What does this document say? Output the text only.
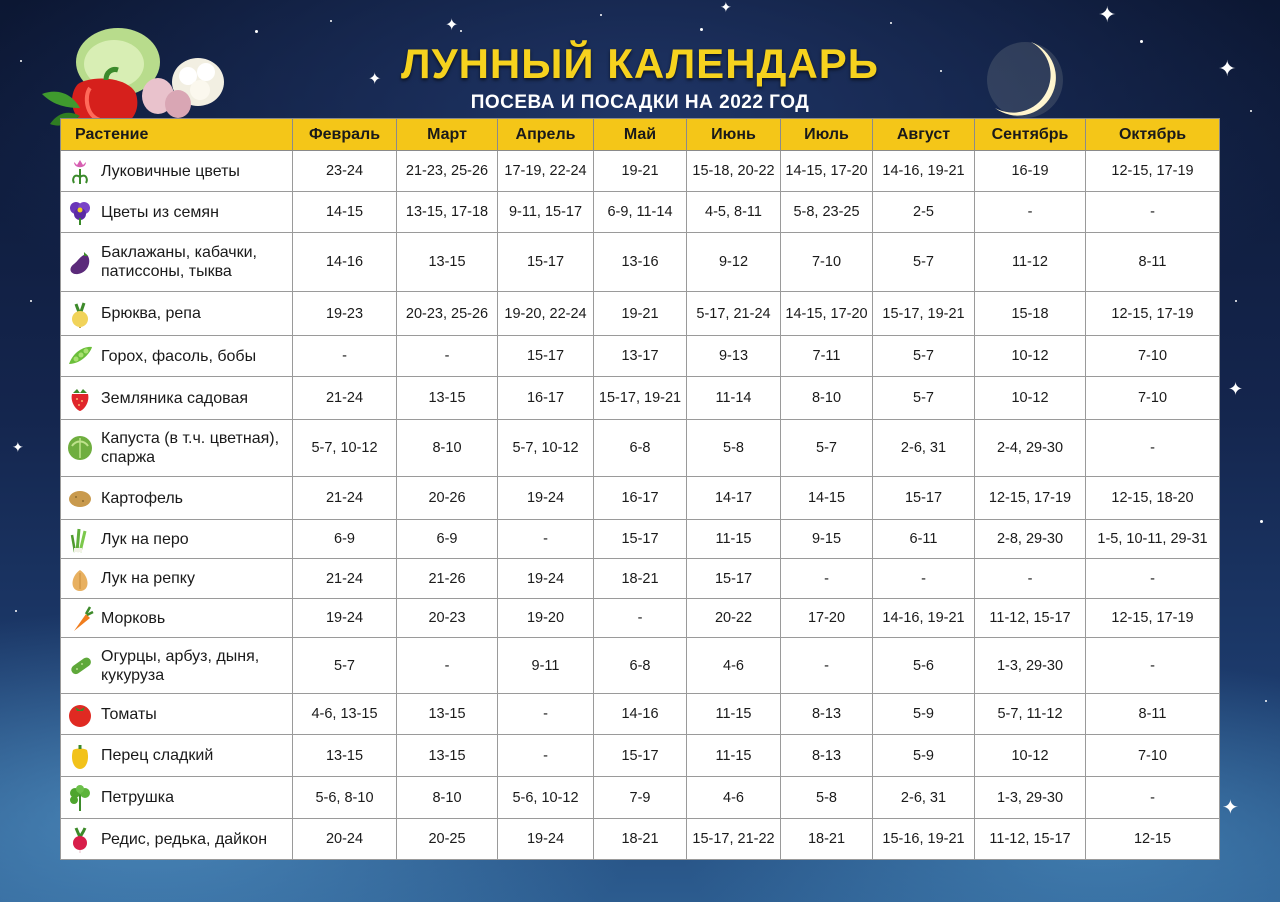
✦
✦
✦
✦
✦
✦
✦
✦
ЛУННЫЙ КАЛЕНДАРЬ
ПОСЕВА И ПОСАДКИ НА 2022 ГОД
Растение	Февраль	Март	Апрель	Май	Июнь	Июль	Август	Сентябрь	Октябрь

Луковичные цветы	23-24	21-23, 25-26	17-19, 22-24	19-21	15-18, 20-22	14-15, 17-20	14-16, 19-21	16-19	12-15, 17-19

Цветы из семян	14-15	13-15, 17-18	9-11, 15-17	6-9, 11-14	4-5, 8-11	5-8, 23-25	2-5	-	-

Баклажаны, кабачки, патиссоны, тыква	14-16	13-15	15-17	13-16	9-12	7-10	5-7	11-12	8-11

Брюква, репа	19-23	20-23, 25-26	19-20, 22-24	19-21	5-17, 21-24	14-15, 17-20	15-17, 19-21	15-18	12-15, 17-19

Горох, фасоль, бобы	-	-	15-17	13-17	9-13	7-11	5-7	10-12	7-10

Земляника садовая	21-24	13-15	16-17	15-17, 19-21	11-14	8-10	5-7	10-12	7-10

Капуста (в т.ч. цветная), спаржа	5-7, 10-12	8-10	5-7, 10-12	6-8	5-8	5-7	2-6, 31	2-4, 29-30	-

Картофель	21-24	20-26	19-24	16-17	14-17	14-15	15-17	12-15, 17-19	12-15, 18-20

Лук на перо	6-9	6-9	-	15-17	11-15	9-15	6-11	2-8, 29-30	1-5, 10-11, 29-31

Лук на репку	21-24	21-26	19-24	18-21	15-17	-	-	-	-

Морковь	19-24	20-23	19-20	-	20-22	17-20	14-16, 19-21	11-12, 15-17	12-15, 17-19

Огурцы, арбуз, дыня, кукуруза	5-7	-	9-11	6-8	4-6	-	5-6	1-3, 29-30	-

Томаты	4-6, 13-15	13-15	-	14-16	11-15	8-13	5-9	5-7, 11-12	8-11

Перец сладкий	13-15	13-15	-	15-17	11-15	8-13	5-9	10-12	7-10

Петрушка	5-6, 8-10	8-10	5-6, 10-12	7-9	4-6	5-8	2-6, 31	1-3, 29-30	-

Редис, редька, дайкон	20-24	20-25	19-24	18-21	15-17, 21-22	18-21	15-16, 19-21	11-12, 15-17	12-15
